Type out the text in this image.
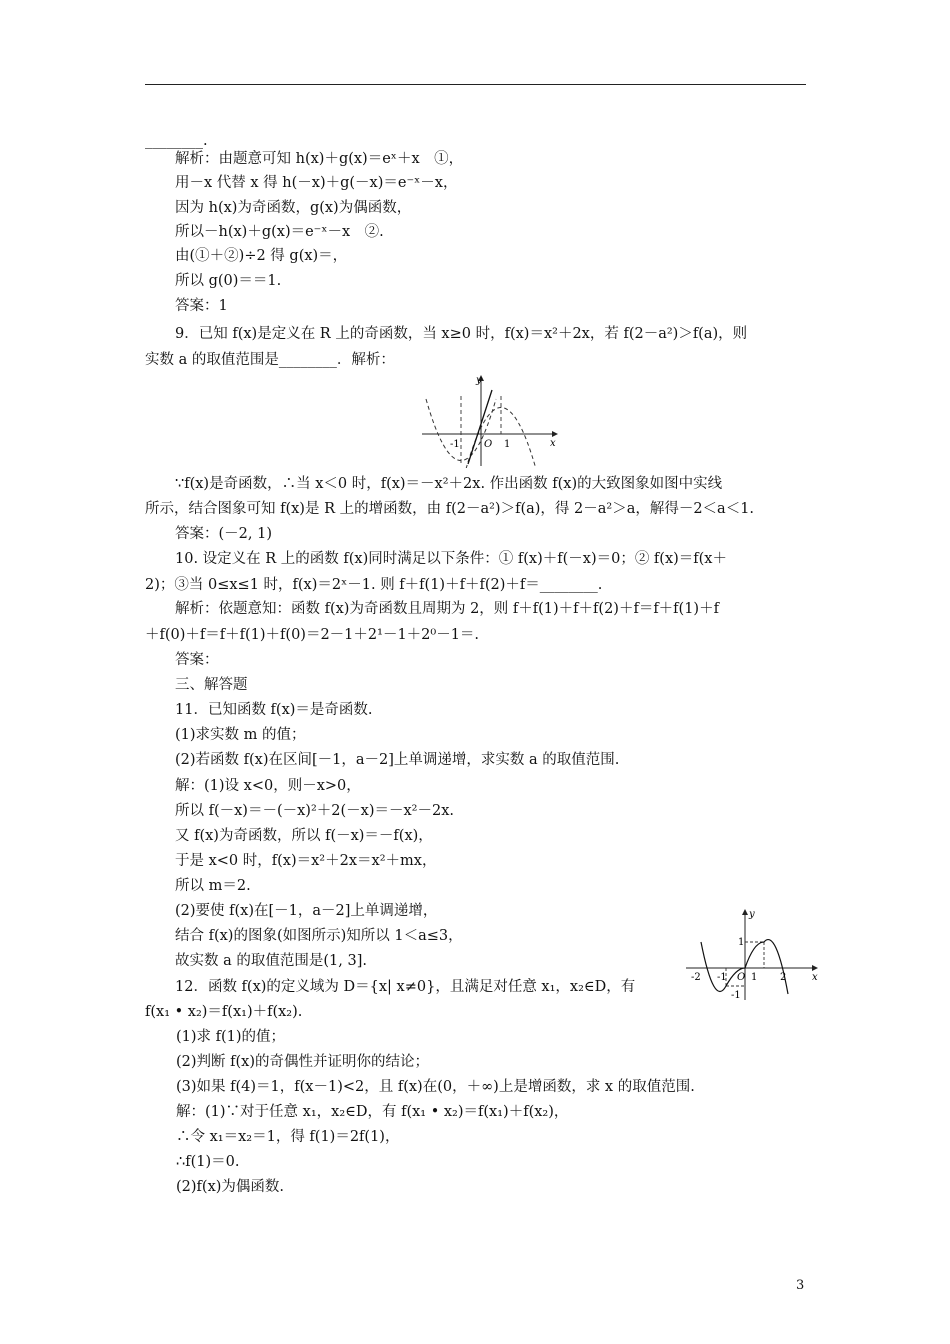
________.
解析：由题意可知 h(x)＋g(x)＝eˣ＋x　①，
用－x 代替 x 得 h(－x)＋g(－x)＝e⁻ˣ－x，
因为 h(x)为奇函数，g(x)为偶函数，
所以－h(x)＋g(x)＝e⁻ˣ－x　②.
由(①＋②)÷2 得 g(x)＝，
所以 g(0)＝＝1.
答案：1
9．已知 f(x)是定义在 R 上的奇函数，当 x≥0 时，f(x)＝x²＋2x，若 f(2－a²)＞f(a)，则
实数 a 的取值范围是________．解析：
y
x
O
-1	1
∵f(x)是奇函数，∴当 x＜0 时，f(x)＝－x²＋2x. 作出函数 f(x)的大致图象如图中实线
所示，结合图象可知 f(x)是 R 上的增函数，由 f(2－a²)＞f(a)，得 2－a²＞a，解得－2＜a＜1.
答案：(－2, 1)
10. 设定义在 R 上的函数 f(x)同时满足以下条件：① f(x)＋f(－x)＝0；② f(x)＝f(x＋
2)；③当 0≤x≤1 时，f(x)＝2ˣ－1. 则 f＋f(1)＋f＋f(2)＋f＝________.
解析：依题意知：函数 f(x)为奇函数且周期为 2，则 f＋f(1)＋f＋f(2)＋f＝f＋f(1)＋f
＋f(0)＋f＝f＋f(1)＋f(0)＝2－1＋2¹－1＋2⁰－1＝.
答案：
三、解答题
11．已知函数 f(x)＝是奇函数.
(1)求实数 m 的值；
(2)若函数 f(x)在区间[－1，a－2]上单调递增，求实数 a 的取值范围.
解：(1)设 x<0，则－x>0，
所以 f(－x)＝－(－x)²＋2(－x)＝－x²－2x.
又 f(x)为奇函数，所以 f(－x)＝－f(x)，
于是 x<0 时，f(x)＝x²＋2x＝x²＋mx，
所以 m＝2.
(2)要使 f(x)在[－1，a－2]上单调递增，
结合 f(x)的图象(如图所示)知所以 1＜a≤3，
故实数 a 的取值范围是(1, 3].
y
x
O
1
-1
-2 -1 1 2
12．函数 f(x)的定义域为 D＝{x| x≠0}，且满足对任意 x₁，x₂∈D，有
f(x₁ • x₂)＝f(x₁)＋f(x₂).
(1)求 f(1)的值；
(2)判断 f(x)的奇偶性并证明你的结论；
(3)如果 f(4)＝1，f(x－1)<2，且 f(x)在(0，＋∞)上是增函数，求 x 的取值范围.
解：(1)∵对于任意 x₁，x₂∈D，有 f(x₁ • x₂)＝f(x₁)＋f(x₂)，
∴令 x₁＝x₂＝1，得 f(1)＝2f(1)，
∴f(1)＝0.
(2)f(x)为偶函数.
3
